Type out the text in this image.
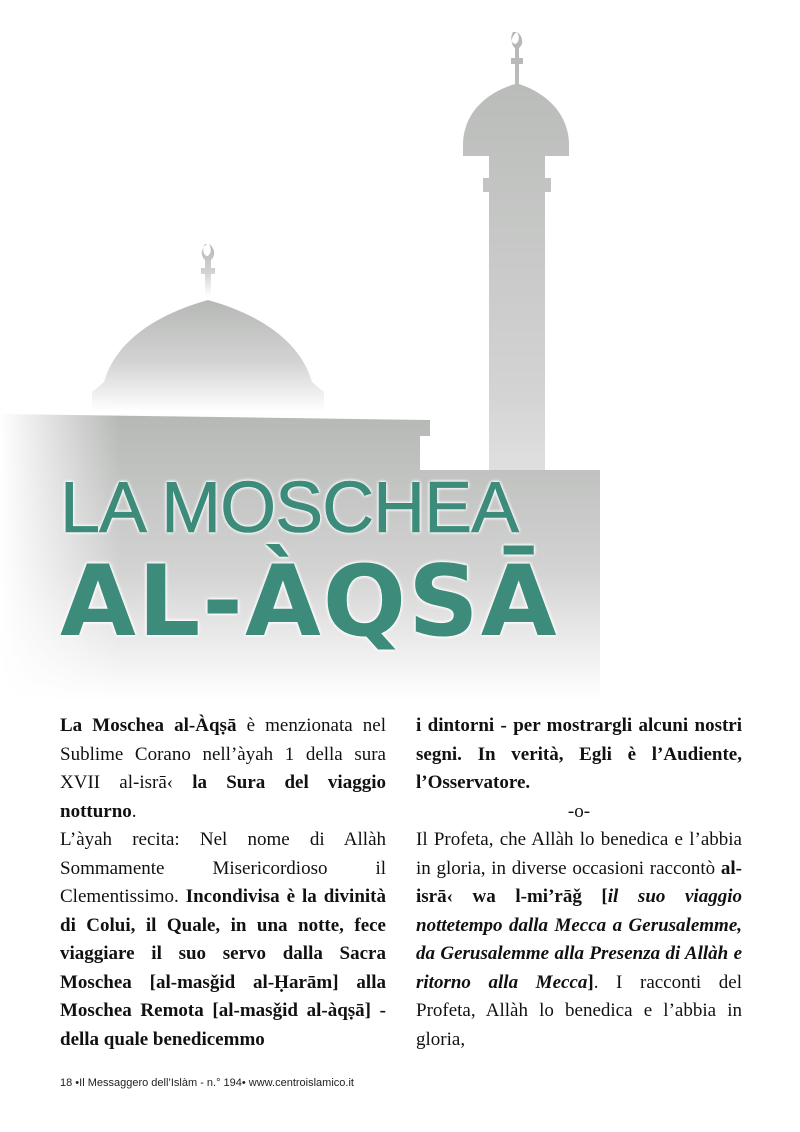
LA MOSCHEA
AL-ÀQSĀ

La Moschea al-Àqṣā è menzionata nel Sublime Corano nell’àyah 1 della sura XVII al-isrā‹ la Sura del viaggio notturno.

L’àyah recita: Nel nome di Allàh Sommamente Misericordioso il Clementissimo. Incondivisa è la divinità di Colui, il Quale, in una notte, fece viaggiare il suo servo dalla Sacra Moschea [al-masǧid al-Ḥarām] alla Moschea Remota [al-masǧid al-àqṣā] - della quale benedicemmo

i dintorni - per mostrargli alcuni nostri segni. In verità, Egli è l’Audiente, l’Osservatore.

-o-

Il Profeta, che Allàh lo benedica e l’abbia in gloria, in diverse occasioni raccontò al-isrā‹ wa l-mi’rāǧ [il suo viaggio nottetempo dalla Mecca a Gerusalemme, da Gerusalemme alla Presenza di Allàh e ritorno alla Mecca]. I racconti del Profeta, Allàh lo benedica e l’abbia in gloria,

18 •Il Messaggero dell’Islàm - n.° 194• www.centroislamico.it
